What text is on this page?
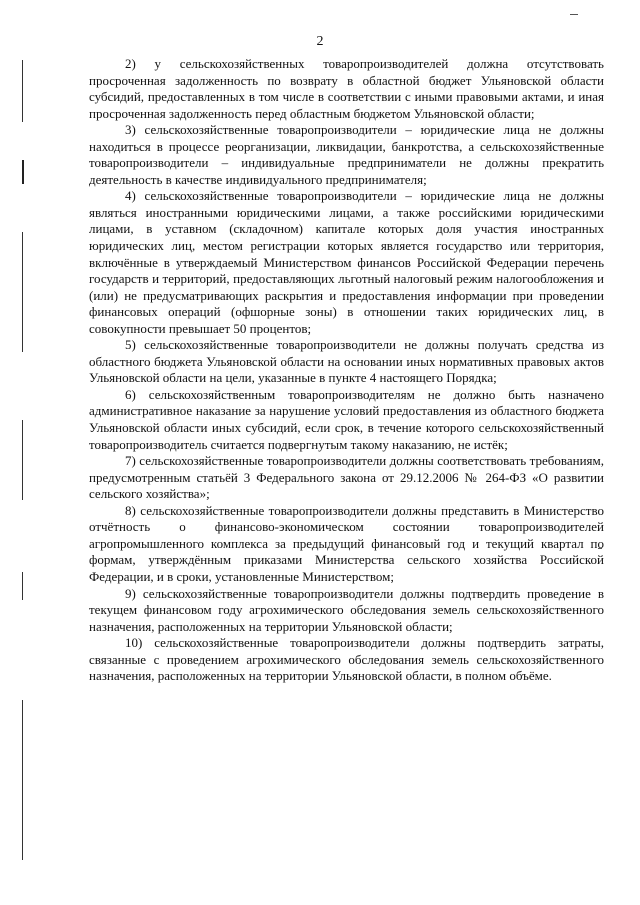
2

2) у сельскохозяйственных товаропроизводителей должна отсутствовать просроченная задолженность по возврату в областной бюджет Ульяновской области субсидий, предоставленных в том числе в соответствии с иными правовыми актами, и иная просроченная задолженность перед областным бюджетом Ульяновской области;

3) сельскохозяйственные товаропроизводители – юридические лица не должны находиться в процессе реорганизации, ликвидации, банкротства, а сельскохозяйственные товаропроизводители – индивидуальные предприниматели не должны прекратить деятельность в качестве индивидуального предпринимателя;

4) сельскохозяйственные товаропроизводители – юридические лица не должны являться иностранными юридическими лицами, а также российскими юридическими лицами, в уставном (складочном) капитале которых доля участия иностранных юридических лиц, местом регистрации которых является государство или территория, включённые в утверждаемый Министерством финансов Российской Федерации перечень государств и территорий, предоставляющих льготный налоговый режим налогообложения и (или) не предусматривающих раскрытия и предоставления информации при проведении финансовых операций (офшорные зоны) в отношении таких юридических лиц, в совокупности превышает 50 процентов;

5) сельскохозяйственные товаропроизводители не должны получать средства из областного бюджета Ульяновской области на основании иных нормативных правовых актов Ульяновской области на цели, указанные в пункте 4 настоящего Порядка;

6) сельскохозяйственным товаропроизводителям не должно быть назначено административное наказание за нарушение условий предоставления из областного бюджета Ульяновской области иных субсидий, если срок, в течение которого сельскохозяйственный товаропроизводитель считается подвергнутым такому наказанию, не истёк;

7) сельскохозяйственные товаропроизводители должны соответствовать требованиям, предусмотренным статьёй 3 Федерального закона от 29.12.2006 № 264-ФЗ «О развитии сельского хозяйства»;

8) сельскохозяйственные товаропроизводители должны представить в Министерство отчётность о финансово-экономическом состоянии товаропроизводителей агропромышленного комплекса за предыдущий финансовый год и текущий квартал по формам, утверждённым приказами Министерства сельского хозяйства Российской Федерации, и в сроки, установленные Министерством;

9) сельскохозяйственные товаропроизводители должны подтвердить проведение в текущем финансовом году агрохимического обследования земель сельскохозяйственного назначения, расположенных на территории Ульяновской области;

10) сельскохозяйственные товаропроизводители должны подтвердить затраты, связанные с проведением агрохимического обследования земель сельскохозяйственного назначения, расположенных на территории Ульяновской области, в полном объёме.
